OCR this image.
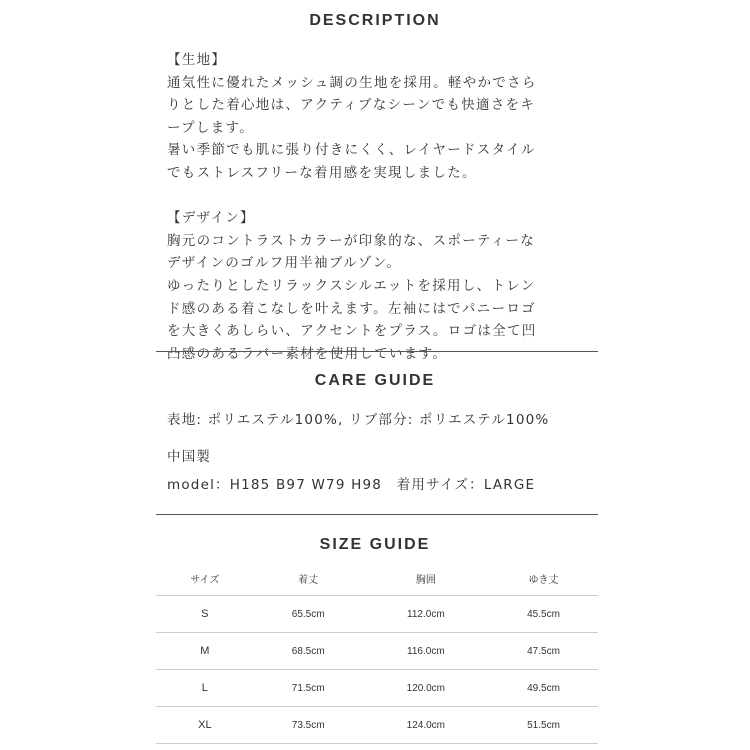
DESCRIPTION
【生地】
通気性に優れたメッシュ調の生地を採用。軽やかでさら
りとした着心地は、アクティブなシーンでも快適さをキ
ープします。
暑い季節でも肌に張り付きにくく、レイヤードスタイル
でもストレスフリーな着用感を実現しました。
【デザイン】
胸元のコントラストカラーが印象的な、スポーティーな
デザインのゴルフ用半袖ブルゾン。
ゆったりとしたリラックスシルエットを採用し、トレン
ド感のある着こなしを叶えます。左袖にはでパニーロゴ
を大きくあしらい、アクセントをプラス。ロゴは全て凹
凸感のあるラバー素材を使用しています。
CARE GUIDE
表地: ポリエステル100%, リブ部分: ポリエステル100%
中国製
model：H185 B97 W79 H98　着用サイズ：LARGE
SIZE GUIDE
サイズ	着丈	胸囲	ゆき丈
S	65.5cm	112.0cm	45.5cm
M	68.5cm	116.0cm	47.5cm
L	71.5cm	120.0cm	49.5cm
XL	73.5cm	124.0cm	51.5cm
